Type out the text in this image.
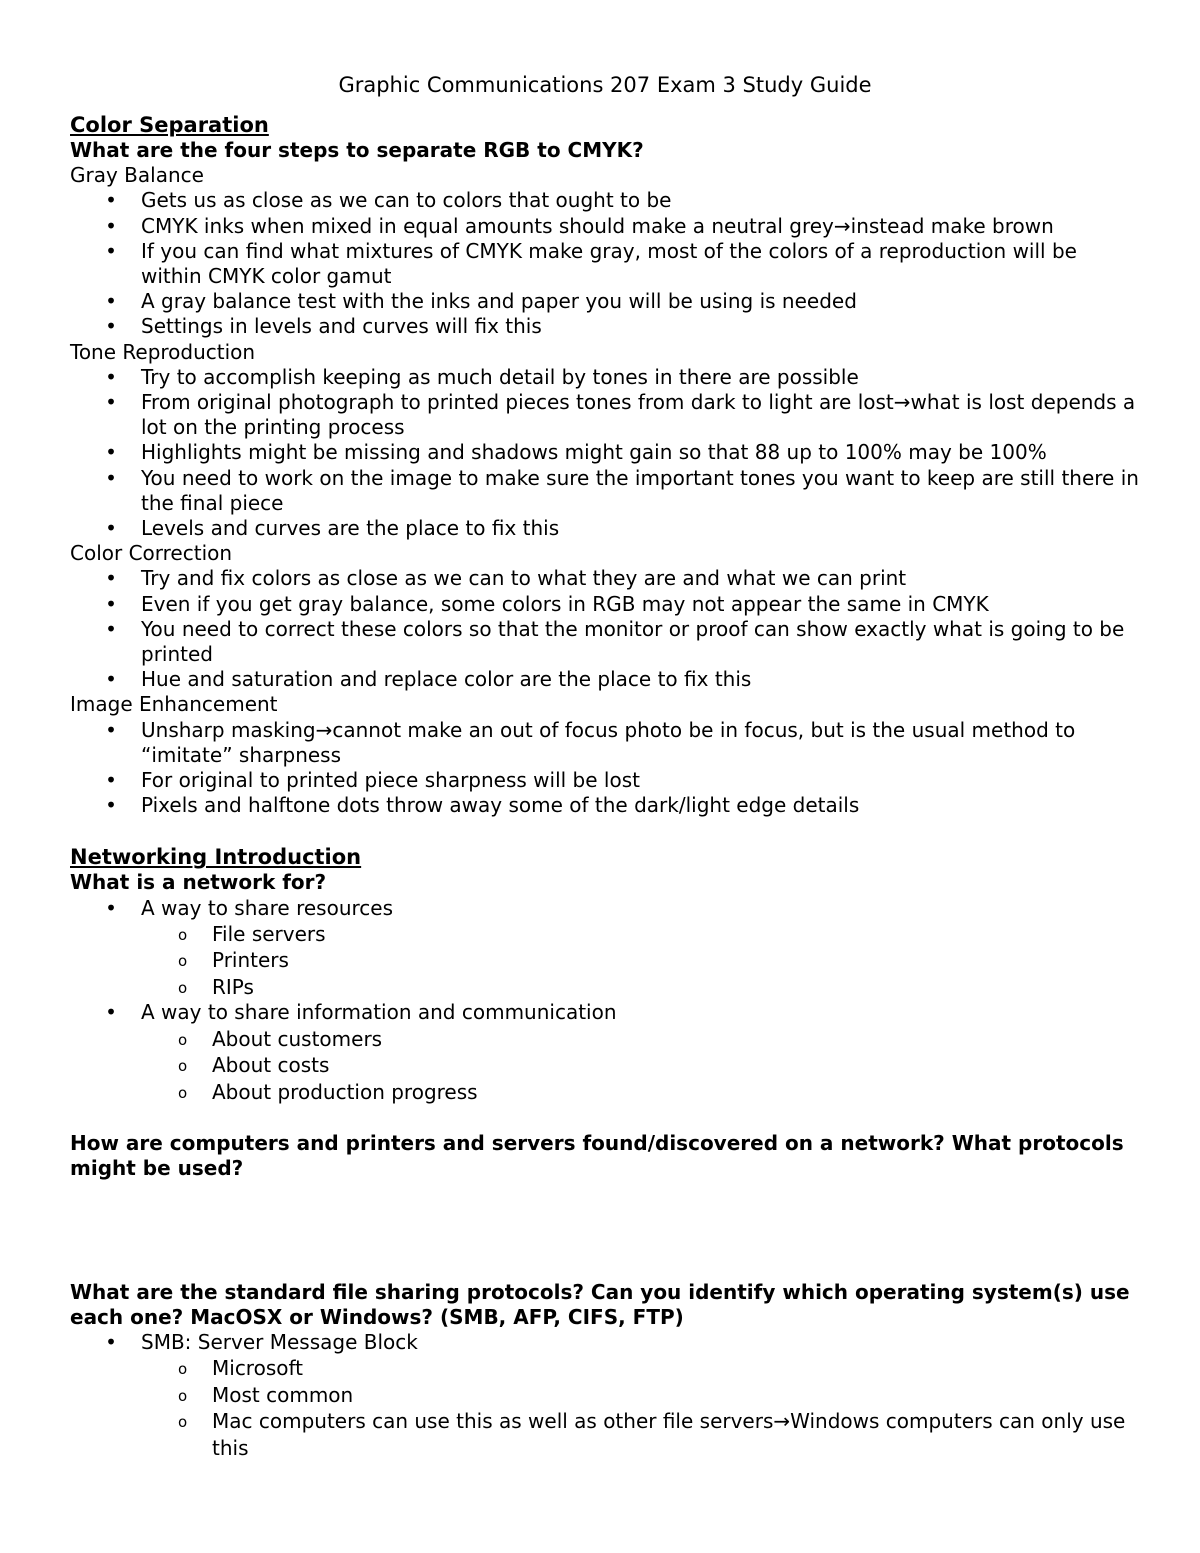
Graphic Communications 207 Exam 3 Study Guide
Color Separation
What are the four steps to separate RGB to CMYK?
Gray Balance
• Gets us as close as we can to colors that ought to be
• CMYK inks when mixed in equal amounts should make a neutral grey→instead make brown
• If you can find what mixtures of CMYK make gray, most of the colors of a reproduction will be within CMYK color gamut
• A gray balance test with the inks and paper you will be using is needed
• Settings in levels and curves will fix this
Tone Reproduction
• Try to accomplish keeping as much detail by tones in there are possible
• From original photograph to printed pieces tones from dark to light are lost→what is lost depends a lot on the printing process
• Highlights might be missing and shadows might gain so that 88 up to 100% may be 100%
• You need to work on the image to make sure the important tones you want to keep are still there in the final piece
• Levels and curves are the place to fix this
Color Correction
• Try and fix colors as close as we can to what they are and what we can print
• Even if you get gray balance, some colors in RGB may not appear the same in CMYK
• You need to correct these colors so that the monitor or proof can show exactly what is going to be printed
• Hue and saturation and replace color are the place to fix this
Image Enhancement
• Unsharp masking→cannot make an out of focus photo be in focus, but is the usual method to “imitate” sharpness
• For original to printed piece sharpness will be lost
• Pixels and halftone dots throw away some of the dark/light edge details
Networking Introduction
What is a network for?
• A way to share resources
o File servers
o Printers
o RIPs
• A way to share information and communication
o About customers
o About costs
o About production progress
How are computers and printers and servers found/discovered on a network? What protocols might be used?
What are the standard file sharing protocols? Can you identify which operating system(s) use each one? MacOSX or Windows? (SMB, AFP, CIFS, FTP)
• SMB: Server Message Block
o Microsoft
o Most common
o Mac computers can use this as well as other file servers→Windows computers can only use this
